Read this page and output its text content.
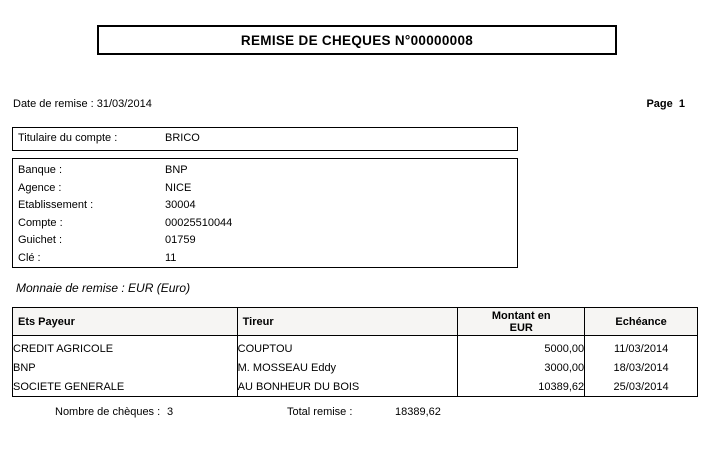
REMISE DE CHEQUES N°00000008
Date de remise : 31/03/2014	Page  1
Titulaire du compte :	BRICO
Banque :	BNP
Agence :	NICE
Etablissement :	30004
Compte :	00025510044
Guichet :	01759
Clé :	11
Monnaie de remise : EUR (Euro)
Ets Payeur	Tireur	Montant en EUR	Echéance
CREDIT AGRICOLE	COUPTOU	5000,00	11/03/2014
BNP	M. MOSSEAU Eddy	3000,00	18/03/2014
SOCIETE GENERALE	AU BONHEUR DU BOIS	10389,62	25/03/2014
Nombre de chèques : 3	Total remise :	18389,62
